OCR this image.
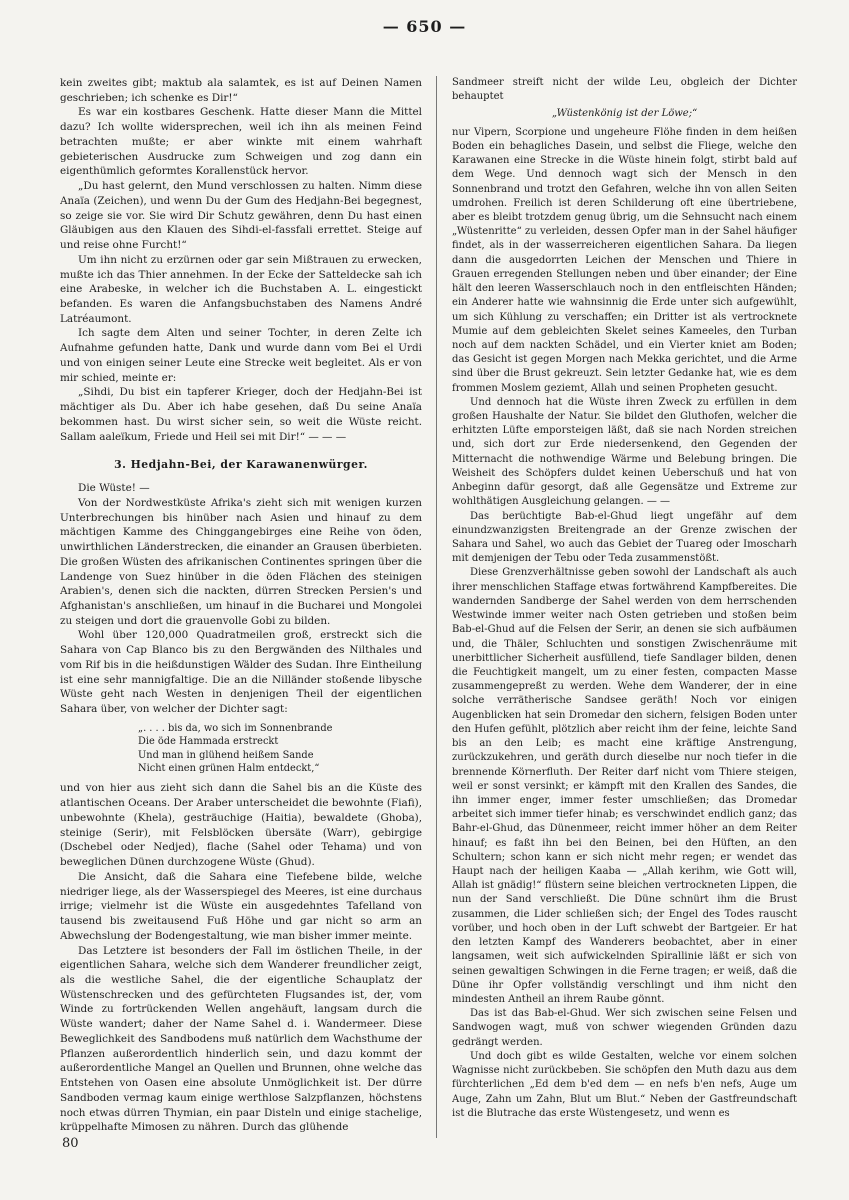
— 650 —

kein zweites gibt; maktub ala salamtek, es ist auf Deinen Namen geschrieben; ich schenke es Dir!“

Es war ein kostbares Geschenk. Hatte dieser Mann die Mittel dazu? Ich wollte widersprechen, weil ich ihn als meinen Feind betrachten mußte; er aber winkte mit einem wahrhaft gebieterischen Ausdrucke zum Schweigen und zog dann ein eigenthümlich geformtes Korallenstück hervor.

„Du hast gelernt, den Mund verschlossen zu halten. Nimm diese Anaïa (Zeichen), und wenn Du der Gum des Hedjahn-Bei begegnest, so zeige sie vor. Sie wird Dir Schutz gewähren, denn Du hast einen Gläubigen aus den Klauen des Sihdi-el-fassfali errettet. Steige auf und reise ohne Furcht!“

Um ihn nicht zu erzürnen oder gar sein Mißtrauen zu erwecken, mußte ich das Thier annehmen. In der Ecke der Satteldecke sah ich eine Arabeske, in welcher ich die Buchstaben A. L. eingestickt befanden. Es waren die Anfangsbuchstaben des Namens André Latréaumont.

Ich sagte dem Alten und seiner Tochter, in deren Zelte ich Aufnahme gefunden hatte, Dank und wurde dann vom Bei el Urdi und von einigen seiner Leute eine Strecke weit begleitet. Als er von mir schied, meinte er:

„Sihdi, Du bist ein tapferer Krieger, doch der Hedjahn-Bei ist mächtiger als Du. Aber ich habe gesehen, daß Du seine Anaïa bekommen hast. Du wirst sicher sein, so weit die Wüste reicht. Sallam aaleïkum, Friede und Heil sei mit Dir!“ — — —

3. Hedjahn-Bei, der Karawanenwürger.

Die Wüste! —

Von der Nordwestküste Afrika's zieht sich mit wenigen kurzen Unterbrechungen bis hinüber nach Asien und hinauf zu dem mächtigen Kamme des Chinggangebirges eine Reihe von öden, unwirthlichen Länderstrecken, die einander an Grausen überbieten. Die großen Wüsten des afrikanischen Continentes springen über die Landenge von Suez hinüber in die öden Flächen des steinigen Arabien's, denen sich die nackten, dürren Strecken Persien's und Afghanistan's anschließen, um hinauf in die Bucharei und Mongolei zu steigen und dort die grauenvolle Gobi zu bilden.

Wohl über 120,000 Quadratmeilen groß, erstreckt sich die Sahara von Cap Blanco bis zu den Bergwänden des Nilthales und vom Rif bis in die heißdunstigen Wälder des Sudan. Ihre Eintheilung ist eine sehr mannigfaltige. Die an die Nilländer stoßende libysche Wüste geht nach Westen in denjenigen Theil der eigentlichen Sahara über, von welcher der Dichter sagt:

„. . . . bis da, wo sich im Sonnenbrande
Die öde Hammada erstreckt
Und man in glühend heißem Sande
Nicht einen grünen Halm entdeckt,“

und von hier aus zieht sich dann die Sahel bis an die Küste des atlantischen Oceans. Der Araber unterscheidet die bewohnte (Fiafi), unbewohnte (Khela), gesträuchige (Haitia), bewaldete (Ghoba), steinige (Serir), mit Felsblöcken übersäte (Warr), gebirgige (Dschebel oder Nedjed), flache (Sahel oder Tehama) und von beweglichen Dünen durchzogene Wüste (Ghud).

Die Ansicht, daß die Sahara eine Tiefebene bilde, welche niedriger liege, als der Wasserspiegel des Meeres, ist eine durchaus irrige; vielmehr ist die Wüste ein ausgedehntes Tafelland von tausend bis zweitausend Fuß Höhe und gar nicht so arm an Abwechslung der Bodengestaltung, wie man bisher immer meinte.

Das Letztere ist besonders der Fall im östlichen Theile, in der eigentlichen Sahara, welche sich dem Wanderer freundlicher zeigt, als die westliche Sahel, die der eigentliche Schauplatz der Wüstenschrecken und des gefürchteten Flugsandes ist, der, vom Winde zu fortrückenden Wellen angehäuft, langsam durch die Wüste wandert; daher der Name Sahel d. i. Wandermeer. Diese Beweglichkeit des Sandbodens muß natürlich dem Wachsthume der Pflanzen außerordentlich hinderlich sein, und dazu kommt der außerordentliche Mangel an Quellen und Brunnen, ohne welche das Entstehen von Oasen eine absolute Unmöglichkeit ist. Der dürre Sandboden vermag kaum einige werthlose Salzpflanzen, höchstens noch etwas dürren Thymian, ein paar Disteln und einige stachelige, krüppelhafte Mimosen zu nähren. Durch das glühende

Sandmeer streift nicht der wilde Leu, obgleich der Dichter behauptet

„Wüstenkönig ist der Löwe;“

nur Vipern, Scorpione und ungeheure Flöhe finden in dem heißen Boden ein behagliches Dasein, und selbst die Fliege, welche den Karawanen eine Strecke in die Wüste hinein folgt, stirbt bald auf dem Wege. Und dennoch wagt sich der Mensch in den Sonnenbrand und trotzt den Gefahren, welche ihn von allen Seiten umdrohen. Freilich ist deren Schilderung oft eine übertriebene, aber es bleibt trotzdem genug übrig, um die Sehnsucht nach einem „Wüstenritte“ zu verleiden, dessen Opfer man in der Sahel häufiger findet, als in der wasserreicheren eigentlichen Sahara. Da liegen dann die ausgedorrten Leichen der Menschen und Thiere in Grauen erregenden Stellungen neben und über einander; der Eine hält den leeren Wasserschlauch noch in den entfleischten Händen; ein Anderer hatte wie wahnsinnig die Erde unter sich aufgewühlt, um sich Kühlung zu verschaffen; ein Dritter ist als vertrocknete Mumie auf dem gebleichten Skelet seines Kameeles, den Turban noch auf dem nackten Schädel, und ein Vierter kniet am Boden; das Gesicht ist gegen Morgen nach Mekka gerichtet, und die Arme sind über die Brust gekreuzt. Sein letzter Gedanke hat, wie es dem frommen Moslem geziemt, Allah und seinen Propheten gesucht.

Und dennoch hat die Wüste ihren Zweck zu erfüllen in dem großen Haushalte der Natur. Sie bildet den Gluthofen, welcher die erhitzten Lüfte emporsteigen läßt, daß sie nach Norden streichen und, sich dort zur Erde niedersenkend, den Gegenden der Mitternacht die nothwendige Wärme und Belebung bringen. Die Weisheit des Schöpfers duldet keinen Ueberschuß und hat von Anbeginn dafür gesorgt, daß alle Gegensätze und Extreme zur wohlthätigen Ausgleichung gelangen. — —

Das berüchtigte Bab-el-Ghud liegt ungefähr auf dem einundzwanzigsten Breitengrade an der Grenze zwischen der Sahara und Sahel, wo auch das Gebiet der Tuareg oder Imoscharh mit demjenigen der Tebu oder Teda zusammenstößt.

Diese Grenzverhältnisse geben sowohl der Landschaft als auch ihrer menschlichen Staffage etwas fortwährend Kampfbereites. Die wandernden Sandberge der Sahel werden von dem herrschenden Westwinde immer weiter nach Osten getrieben und stoßen beim Bab-el-Ghud auf die Felsen der Serir, an denen sie sich aufbäumen und, die Thäler, Schluchten und sonstigen Zwischenräume mit unerbittlicher Sicherheit ausfüllend, tiefe Sandlager bilden, denen die Feuchtigkeit mangelt, um zu einer festen, compacten Masse zusammengepreßt zu werden. Wehe dem Wanderer, der in eine solche verrätherische Sandsee geräth! Noch vor einigen Augenblicken hat sein Dromedar den sichern, felsigen Boden unter den Hufen gefühlt, plötzlich aber reicht ihm der feine, leichte Sand bis an den Leib; es macht eine kräftige Anstrengung, zurückzukehren, und geräth durch dieselbe nur noch tiefer in die brennende Körnerfluth. Der Reiter darf nicht vom Thiere steigen, weil er sonst versinkt; er kämpft mit den Krallen des Sandes, die ihn immer enger, immer fester umschließen; das Dromedar arbeitet sich immer tiefer hinab; es verschwindet endlich ganz; das Bahr-el-Ghud, das Dünenmeer, reicht immer höher an dem Reiter hinauf; es faßt ihn bei den Beinen, bei den Hüften, an den Schultern; schon kann er sich nicht mehr regen; er wendet das Haupt nach der heiligen Kaaba — „Allah kerihm, wie Gott will, Allah ist gnädig!“ flüstern seine bleichen vertrockneten Lippen, die nun der Sand verschließt. Die Düne schnürt ihm die Brust zusammen, die Lider schließen sich; der Engel des Todes rauscht vorüber, und hoch oben in der Luft schwebt der Bartgeier. Er hat den letzten Kampf des Wanderers beobachtet, aber in einer langsamen, weit sich aufwickelnden Spirallinie läßt er sich von seinen gewaltigen Schwingen in die Ferne tragen; er weiß, daß die Düne ihr Opfer vollständig verschlingt und ihm nicht den mindesten Antheil an ihrem Raube gönnt.

Das ist das Bab-el-Ghud. Wer sich zwischen seine Felsen und Sandwogen wagt, muß von schwer wiegenden Gründen dazu gedrängt werden.

Und doch gibt es wilde Gestalten, welche vor einem solchen Wagnisse nicht zurückbeben. Sie schöpfen den Muth dazu aus dem fürchterlichen „Ed dem b'ed dem — en nefs b'en nefs, Auge um Auge, Zahn um Zahn, Blut um Blut.“ Neben der Gastfreundschaft ist die Blutrache das erste Wüstengesetz, und wenn es

80
